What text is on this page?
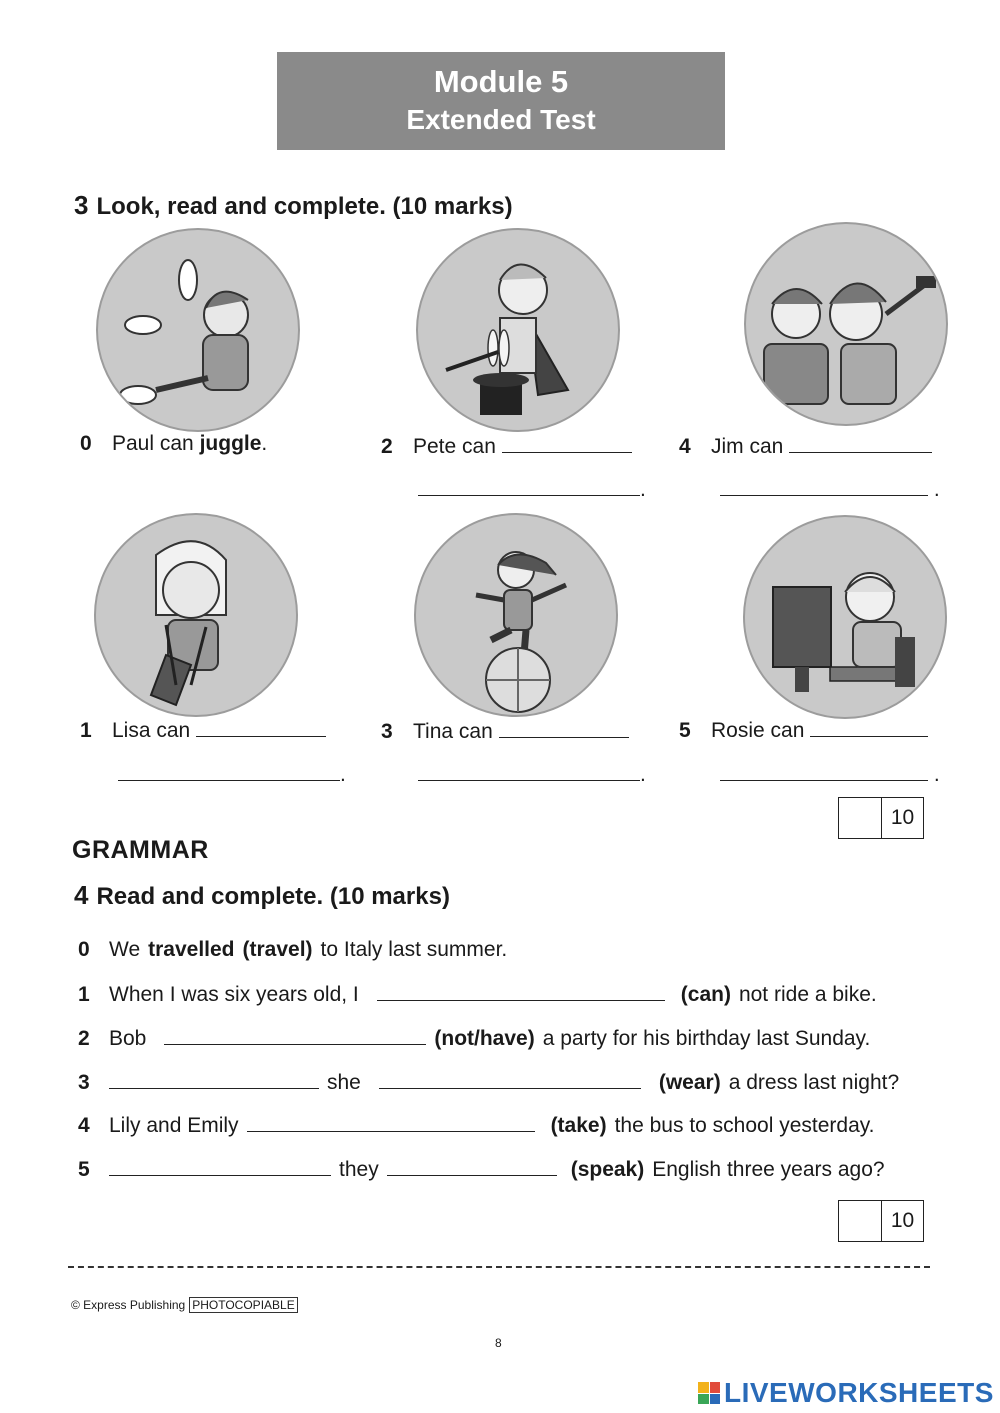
Module 5
Extended Test
3 Look, read and complete. (10 marks)
0 Paul can juggle.	2 Pete can
.
4 Jim can
.
1 Lisa can
.
3 Tina can
.
5 Rosie can
.
10
GRAMMAR
4 Read and complete. (10 marks)
0 We travelled (travel) to Italy last summer.
1 When I was six years old, I	(can) not ride a bike.
2 Bob	(not/have) a party for his birthday last Sunday.
3	she	(wear) a dress last night?
4 Lily and Emily	(take) the bus to school yesterday.
5	they	(speak) English three years ago?
10
© Express Publishing PHOTOCOPIABLE
8
LIVEWORKSHEETS
